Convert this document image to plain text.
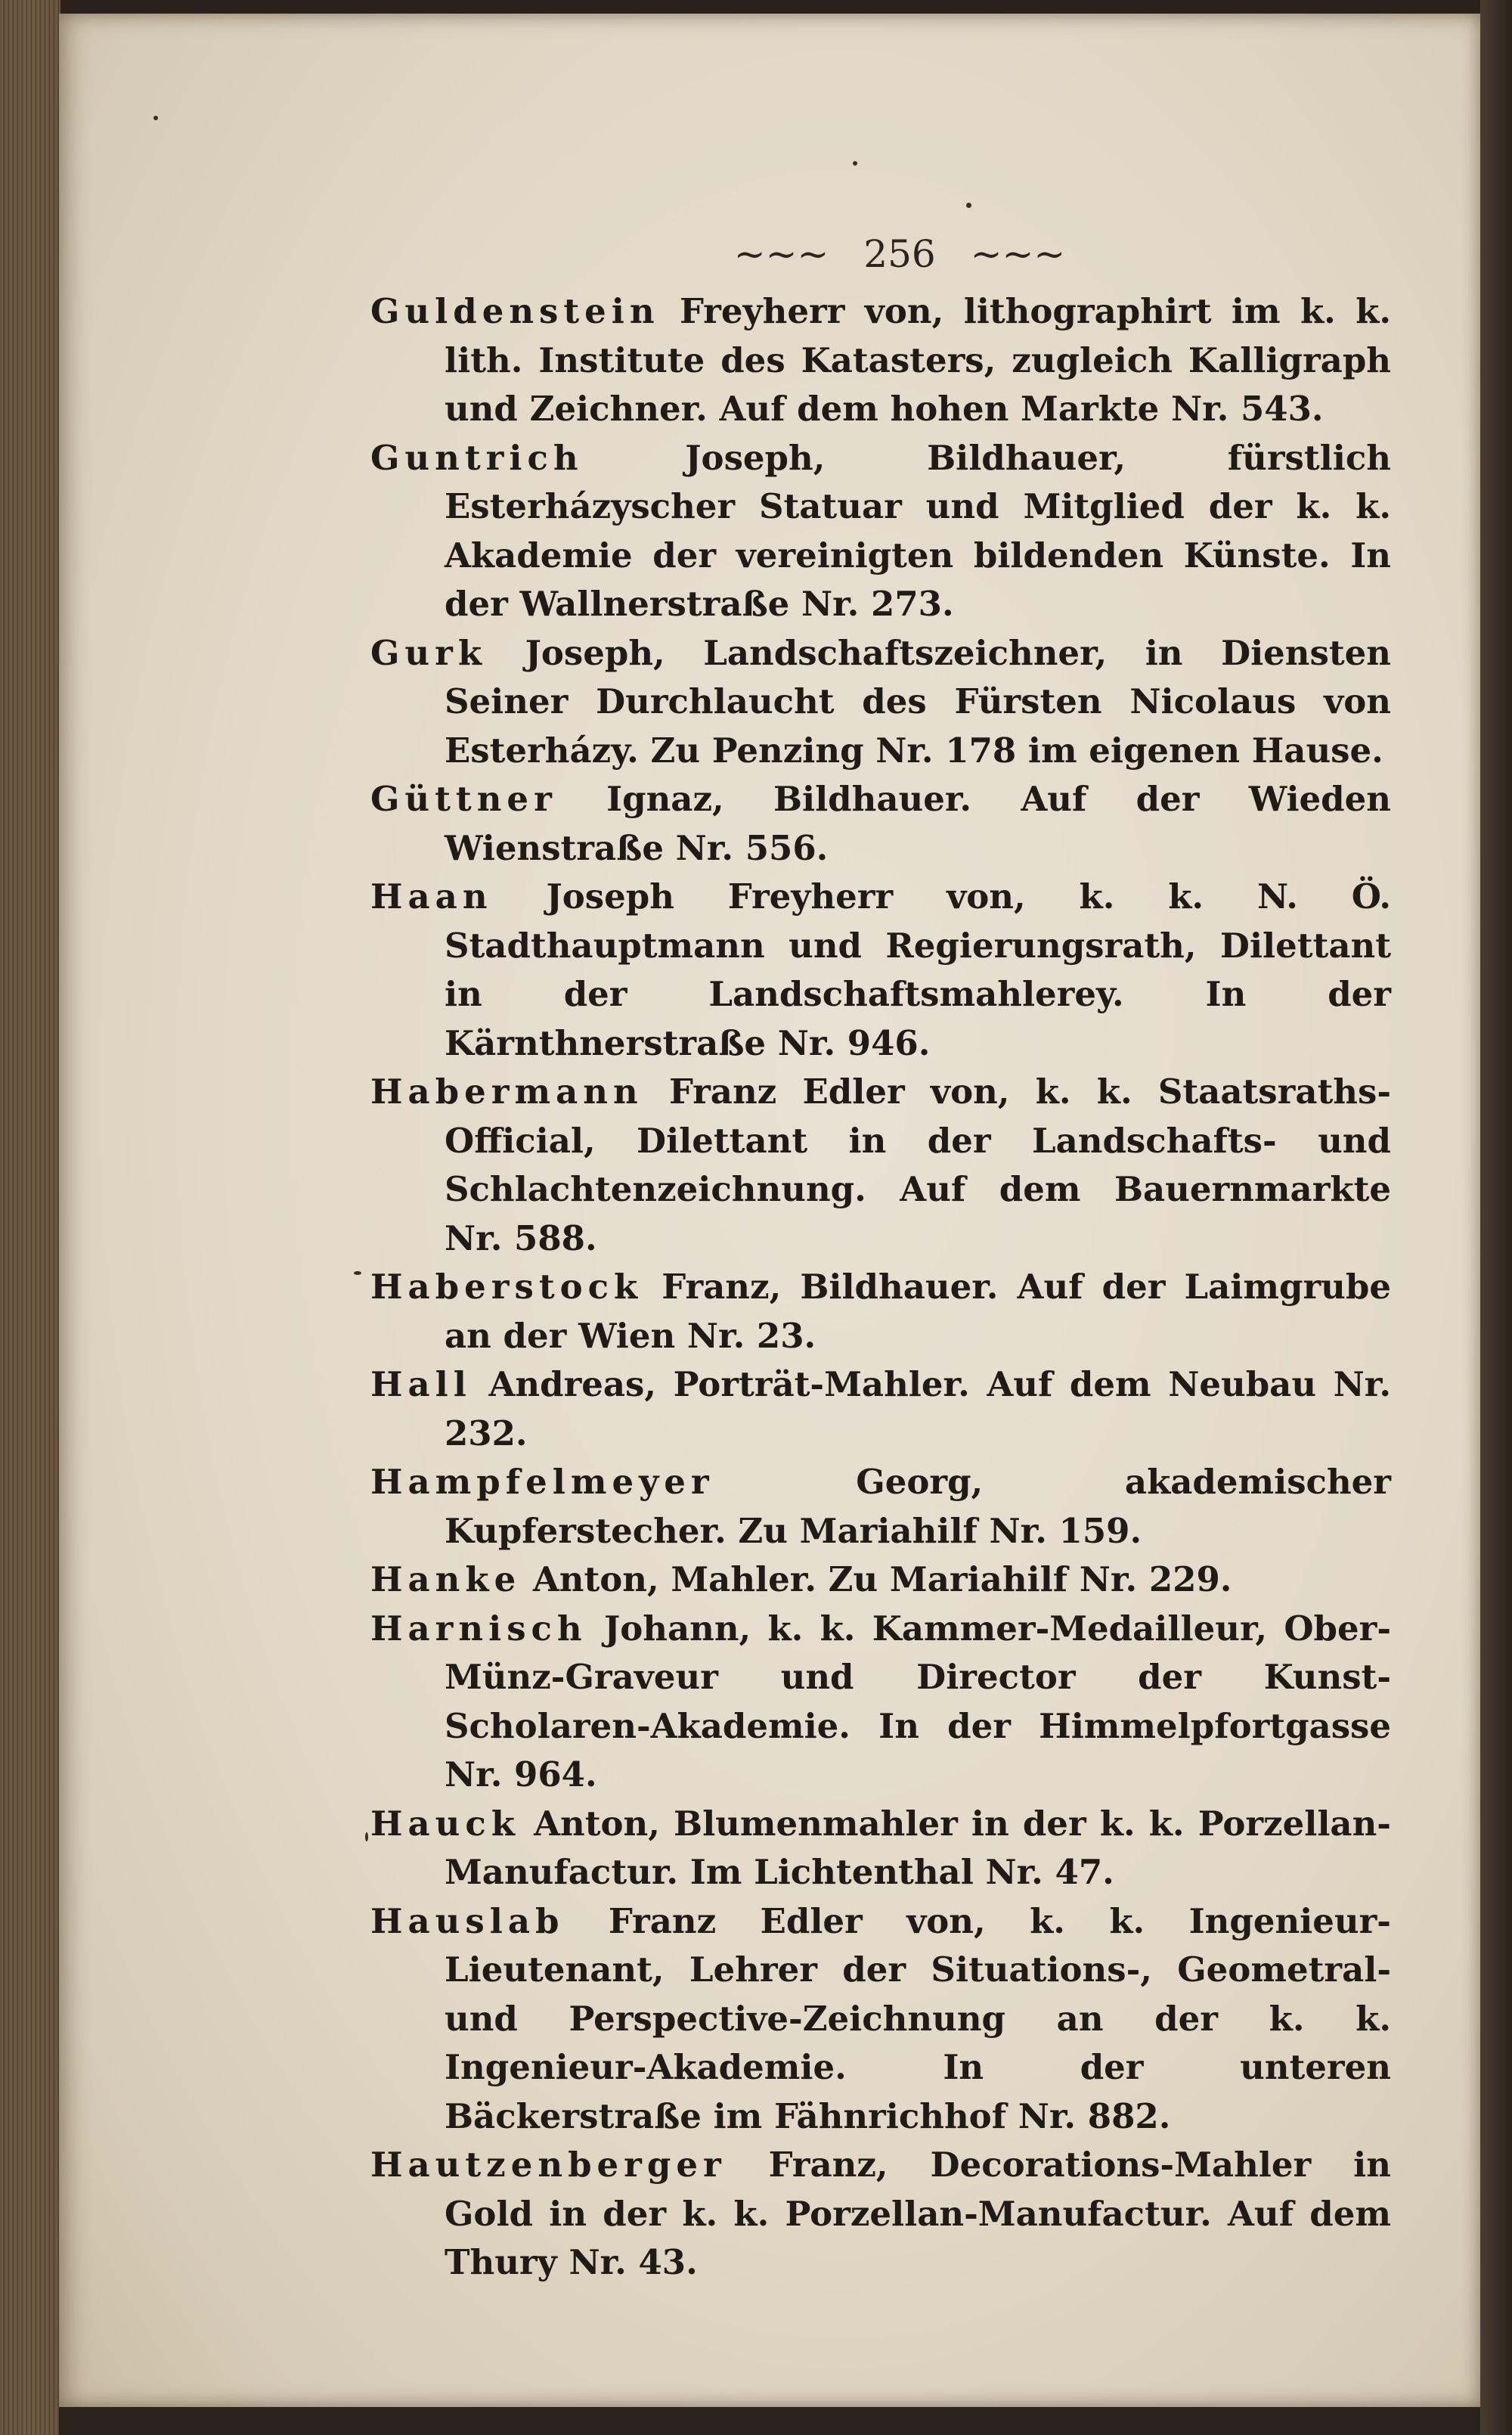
~~~ 256 ~~~

Guldenstein Freyherr von, lithographirt im k. k. lith. Institute des Katasters, zugleich Kalligraph und Zeichner. Auf dem hohen Markte Nr. 543.

Guntrich	Joseph, Bildhauer, fürstlich Esterházyscher Statuar und Mitglied der k. k. Akademie der vereinigten bildenden Künste. In der Wallnerstraße Nr. 273.

Gurk Joseph, Landschaftszeichner, in Diensten Seiner Durchlaucht des Fürsten Nicolaus von Esterházy. Zu Penzing Nr. 178 im eigenen Hause.

Güttner Ignaz, Bildhauer. Auf der Wieden Wienstraße Nr. 556.

Haan Joseph Freyherr von, k. k. N. Ö. Stadthauptmann und Regierungsrath, Dilettant in der Landschaftsmahlerey. In der Kärnthnerstraße Nr. 946.

Habermann Franz Edler von, k. k. Staatsraths-Official, Dilettant in der Landschafts- und Schlachtenzeichnung. Auf dem Bauernmarkte Nr. 588.

Haberstock Franz, Bildhauer. Auf der Laimgrube an der Wien Nr. 23.

Hall Andreas, Porträt-Mahler. Auf dem Neubau Nr. 232.

Hampfelmeyer	Georg, akademischer Kupferstecher. Zu Mariahilf Nr. 159.

Hanke Anton, Mahler. Zu Mariahilf Nr. 229.

Harnisch Johann, k. k. Kammer-Medailleur, Ober-Münz-Graveur und Director der Kunst-Scholaren-Akademie. In der Himmelpfortgasse Nr. 964.

Hauck Anton, Blumenmahler in der k. k. Porzellan-Manufactur. Im Lichtenthal Nr. 47.

Hauslab Franz Edler von, k. k. Ingenieur-Lieutenant, Lehrer der Situations-, Geometral- und Perspective-Zeichnung an der k. k. Ingenieur-Akademie. In der unteren Bäckerstraße im Fähnrichhof Nr. 882.

Hautzenberger Franz, Decorations-Mahler in Gold in der k. k. Porzellan-Manufactur. Auf dem Thury Nr. 43.
